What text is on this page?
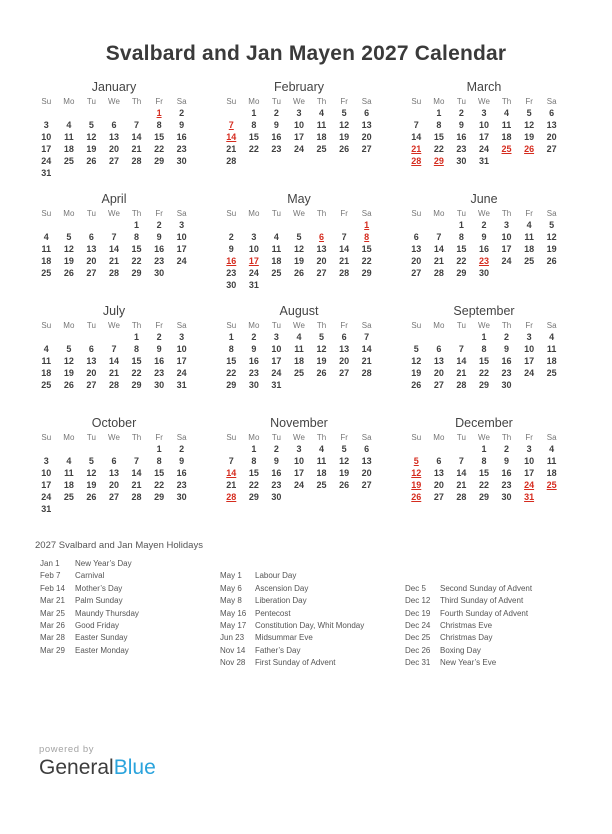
Svalbard and Jan Mayen 2027 Calendar
January
Su	Mo	Tu	We	Th	Fr	Sa
					1	2
3	4	5	6	7	8	9
10	11	12	13	14	15	16
17	18	19	20	21	22	23
24	25	26	27	28	29	30
31						
February
Su	Mo	Tu	We	Th	Fr	Sa
	1	2	3	4	5	6
7	8	9	10	11	12	13
14	15	16	17	18	19	20
21	22	23	24	25	26	27
28						
March
Su	Mo	Tu	We	Th	Fr	Sa
	1	2	3	4	5	6
7	8	9	10	11	12	13
14	15	16	17	18	19	20
21	22	23	24	25	26	27
28	29	30	31			
April
Su	Mo	Tu	We	Th	Fr	Sa
				1	2	3
4	5	6	7	8	9	10
11	12	13	14	15	16	17
18	19	20	21	22	23	24
25	26	27	28	29	30	
May
Su	Mo	Tu	We	Th	Fr	Sa
						1
2	3	4	5	6	7	8
9	10	11	12	13	14	15
16	17	18	19	20	21	22
23	24	25	26	27	28	29
30	31					
June
Su	Mo	Tu	We	Th	Fr	Sa
		1	2	3	4	5
6	7	8	9	10	11	12
13	14	15	16	17	18	19
20	21	22	23	24	25	26
27	28	29	30			
July
Su	Mo	Tu	We	Th	Fr	Sa
				1	2	3
4	5	6	7	8	9	10
11	12	13	14	15	16	17
18	19	20	21	22	23	24
25	26	27	28	29	30	31
August
Su	Mo	Tu	We	Th	Fr	Sa
1	2	3	4	5	6	7
8	9	10	11	12	13	14
15	16	17	18	19	20	21
22	23	24	25	26	27	28
29	30	31				
September
Su	Mo	Tu	We	Th	Fr	Sa
			1	2	3	4
5	6	7	8	9	10	11
12	13	14	15	16	17	18
19	20	21	22	23	24	25
26	27	28	29	30		
October
Su	Mo	Tu	We	Th	Fr	Sa
					1	2
3	4	5	6	7	8	9
10	11	12	13	14	15	16
17	18	19	20	21	22	23
24	25	26	27	28	29	30
31						
November
Su	Mo	Tu	We	Th	Fr	Sa
	1	2	3	4	5	6
7	8	9	10	11	12	13
14	15	16	17	18	19	20
21	22	23	24	25	26	27
28	29	30				
December
Su	Mo	Tu	We	Th	Fr	Sa
			1	2	3	4
5	6	7	8	9	10	11
12	13	14	15	16	17	18
19	20	21	22	23	24	25
26	27	28	29	30	31	
2027 Svalbard and Jan Mayen Holidays
Jan 1 New Year’s Day
Feb 7 Carnival
Feb 14 Mother’s Day
Mar 21 Palm Sunday
Mar 25 Maundy Thursday
Mar 26 Good Friday
Mar 28 Easter Sunday
Mar 29 Easter Monday
May 1 Labour Day
May 6 Ascension Day
May 8 Liberation Day
May 16 Pentecost
May 17 Constitution Day, Whit Monday
Jun 23 Midsummar Eve
Nov 14 Father’s Day
Nov 28 First Sunday of Advent
Dec 5 Second Sunday of Advent
Dec 12 Third Sunday of Advent
Dec 19 Fourth Sunday of Advent
Dec 24 Christmas Eve
Dec 25 Christmas Day
Dec 26 Boxing Day
Dec 31 New Year’s Eve
powered by
GeneralBlue
